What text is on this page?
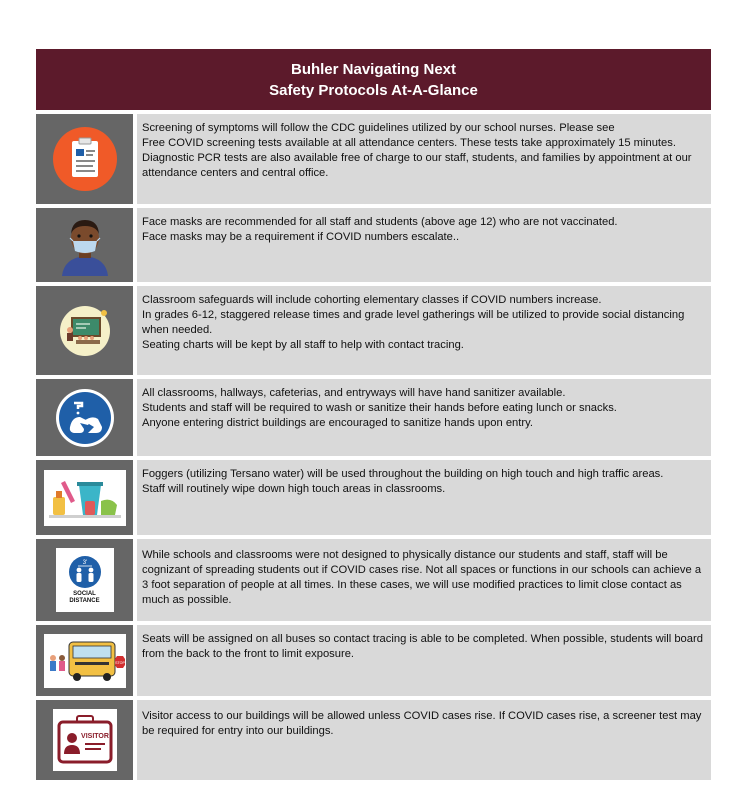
Buhler Navigating Next
Safety Protocols At-A-Glance

Screening of symptoms will follow the CDC guidelines utilized by our school nurses. Please see

Free COVID screening tests available at all attendance centers. These tests take approximately 15 minutes.

Diagnostic PCR tests are also available free of charge to our staff, students, and families by appointment at our attendance centers and central office.

Face masks are recommended for all staff and students (above age 12) who are not vaccinated.

Face masks may be a requirement if COVID numbers escalate..

Classroom safeguards will include cohorting elementary classes if COVID numbers increase.

In grades 6-12, staggered release times and grade level gatherings will be utilized to provide social distancing when needed.

Seating charts will be kept by all staff to help with contact tracing.

All classrooms, hallways, cafeterias, and entryways will have hand sanitizer available.

Students and staff will be required to wash or sanitize their hands before eating lunch or snacks.

Anyone entering district buildings are encouraged to sanitize hands upon entry.

Foggers (utilizing Tersano water) will be used throughout the building on high touch and high traffic areas.

Staff will routinely wipe down high touch areas in classrooms.

3'
SOCIAL DISTANCE

While schools and classrooms were not designed to physically distance our students and staff, staff will be cognizant of spreading students out if COVID cases rise. Not all spaces or functions in our schools can achieve a 3 foot separation of people at all times. In these cases, we will use modified practices to limit close contact as much as possible.

STOP

Seats will be assigned on all buses so contact tracing is able to be completed. When possible, students will board from the back to the front to limit exposure.

VISITOR

Visitor access to our buildings will be allowed unless COVID cases rise. If COVID cases rise, a screener test may be required for entry into our buildings.
